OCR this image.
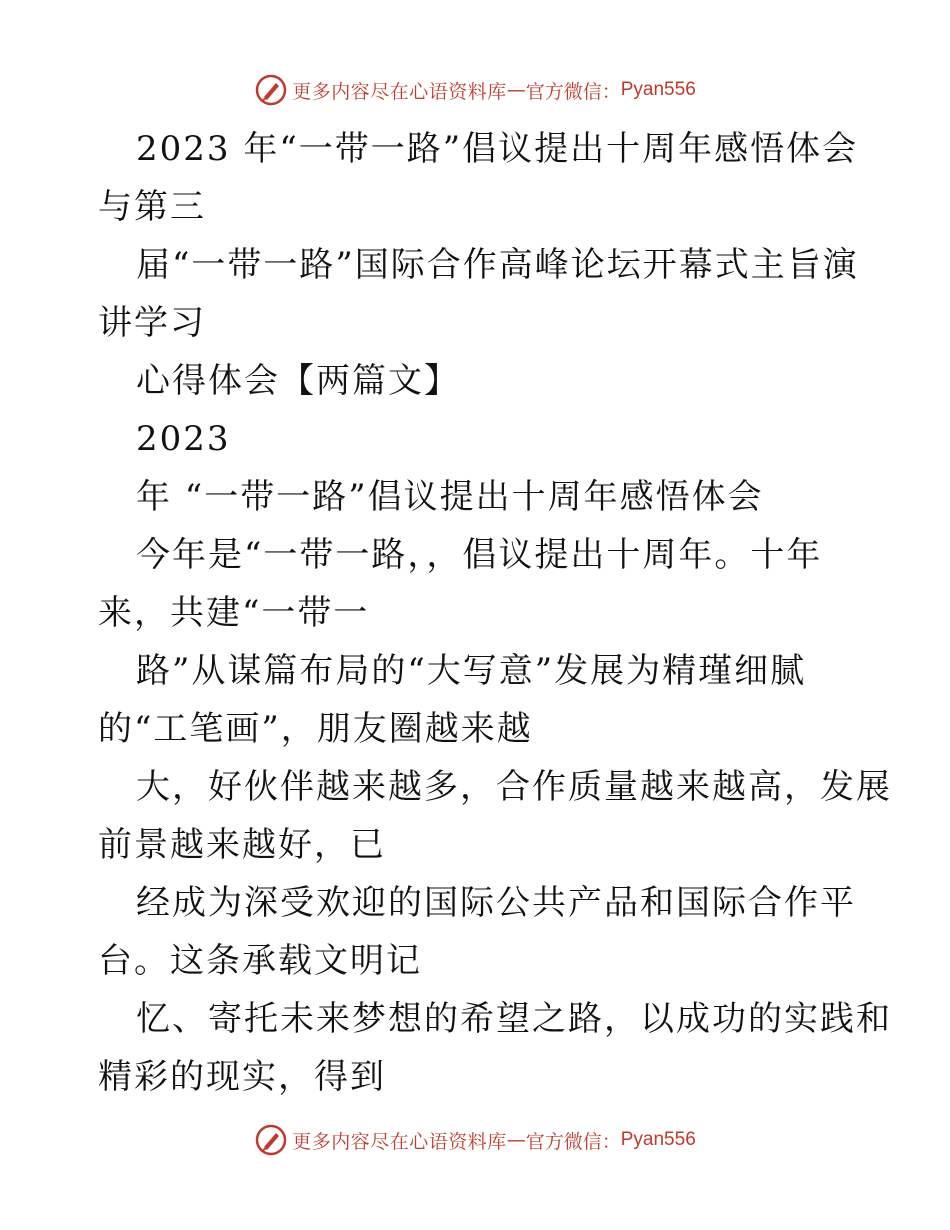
更多内容尽在心语资料库 — 官方微信： Pyan556
2023 年“一带一路”倡议提出十周年感悟体会
与第三
届“一带一路”国际合作高峰论坛开幕式主旨演
讲学习
心得体会【两篇文】
2023
年 “一带一路”倡议提出十周年感悟体会
今年是“一带一路，，倡议提出十周年。十年
来，共建“一带一
路”从谋篇布局的“大写意”发展为精瑾细腻
的“工笔画”，朋友圈越来越
大，好伙伴越来越多，合作质量越来越高，发展
前景越来越好，已
经成为深受欢迎的国际公共产品和国际合作平
台。这条承载文明记
忆、寄托未来梦想的希望之路，以成功的实践和
精彩的现实，得到
更多内容尽在心语资料库 — 官方微信： Pyan556
